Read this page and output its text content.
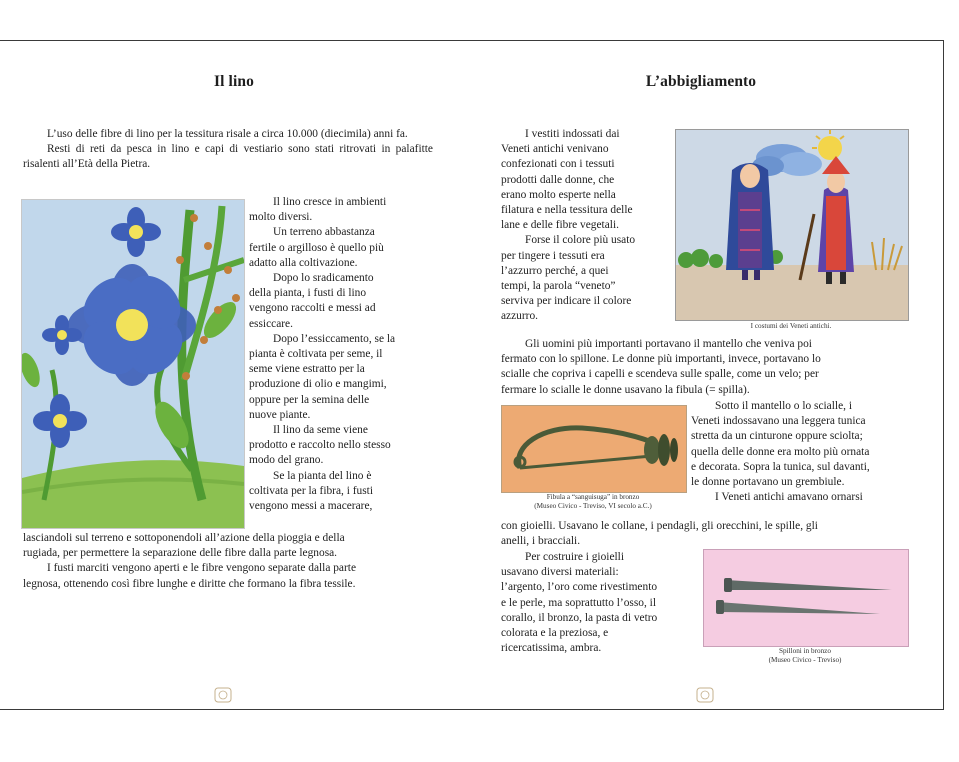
Il lino

L’uso delle fibre di lino per la tessitura risale a circa 10.000 (diecimila) anni fa.

Resti di reti da pesca in lino e capi di vestiario sono stati ritrovati in palafitte risalenti all’Età della Pietra.

Il lino cresce in ambienti

molto diversi.

Un terreno abbastanza

fertile o argilloso è quello più

adatto alla coltivazione.

Dopo lo sradicamento

della pianta, i fusti di lino

vengono raccolti e messi ad

essiccare.

Dopo l’essiccamento, se la

pianta è coltivata per seme, il

seme viene estratto per la

produzione di olio e mangimi,

oppure per la semina delle

nuove piante.

Il lino da seme viene

prodotto e raccolto nello stesso

modo del grano.

Se la pianta del lino è

coltivata per la fibra, i fusti

vengono messi a macerare,

lasciandoli sul terreno e sottoponendoli all’azione della pioggia e della

rugiada, per permettere la separazione delle fibre dalla parte legnosa.

I fusti marciti vengono aperti e le fibre vengono separate dalla parte

legnosa, ottenendo così fibre lunghe e diritte che formano la fibra tessile.

L’abbigliamento

I vestiti indossati dai

Veneti antichi venivano

confezionati con i tessuti

prodotti dalle donne, che

erano molto esperte nella

filatura e nella tessitura delle

lane e delle fibre vegetali.

Forse il colore più usato

per tingere i tessuti era

l’azzurro perché, a quei

tempi, la parola “veneto”

serviva per indicare il colore

azzurro.

I costumi dei Veneti antichi.

Gli uomini più importanti portavano il mantello che veniva poi

fermato con lo spillone. Le donne più importanti, invece, portavano lo

scialle che copriva i capelli e scendeva sulle spalle, come un velo; per

fermare lo scialle le donne usavano la fibula (= spilla).

Fibula a “sanguisuga” in bronzo
(Museo Civico - Treviso, VI secolo a.C.)

Sotto il mantello o lo scialle, i

Veneti indossavano una leggera tunica

stretta da un cinturone oppure sciolta;

quella delle donne era molto più ornata

e decorata. Sopra la tunica, sul davanti,

le donne portavano un grembiule.

I Veneti antichi amavano ornarsi

con gioielli. Usavano le collane, i pendagli, gli orecchini, le spille, gli

anelli, i bracciali.

Per costruire i gioielli

usavano diversi materiali:

l’argento, l’oro come rivestimento

e le perle, ma soprattutto l’osso, il

corallo, il bronzo, la pasta di vetro

colorata e la preziosa, e

ricercatissima, ambra.	Spilloni in bronzo
(Museo Civico - Treviso)
